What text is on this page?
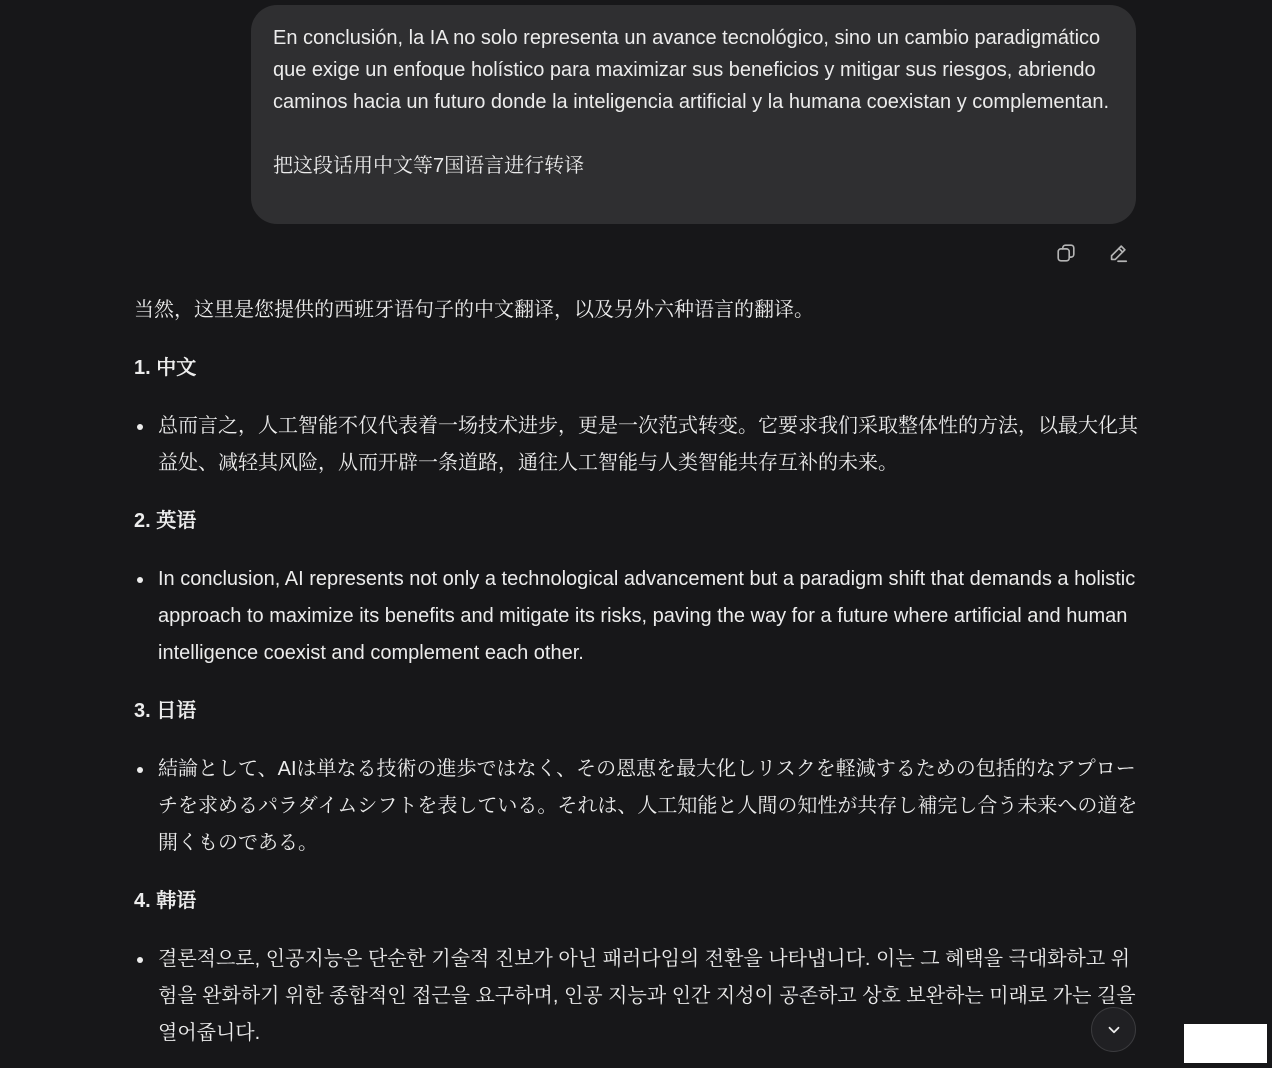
En conclusión, la IA no solo representa un avance tecnológico, sino un cambio paradigmático que exige un enfoque holístico para maximizar sus beneficios y mitigar sus riesgos, abriendo caminos hacia un futuro donde la inteligencia artificial y la humana coexistan y complementan.

把这段话用中文等7国语言进行转译

当然，这里是您提供的西班牙语句子的中文翻译，以及另外六种语言的翻译。

1. 中文
总而言之，人工智能不仅代表着一场技术进步，更是一次范式转变。它要求我们采取整体性的方法，以最大化其益处、减轻其风险，从而开辟一条道路，通往人工智能与人类智能共存互补的未来。
2. 英语
In conclusion, AI represents not only a technological advancement but a paradigm shift that demands a holistic approach to maximize its benefits and mitigate its risks, paving the way for a future where artificial and human intelligence coexist and complement each other.
3. 日语
結論として、AIは単なる技術の進歩ではなく、その恩恵を最大化しリスクを軽減するための包括的なアプローチを求めるパラダイムシフトを表している。それは、人工知能と人間の知性が共存し補完し合う未来への道を開くものである。
4. 韩语
결론적으로, 인공지능은 단순한 기술적 진보가 아닌 패러다임의 전환을 나타냅니다. 이는 그 혜택을 극대화하고 위험을 완화하기 위한 종합적인 접근을 요구하며, 인공 지능과 인간 지성이 공존하고 상호 보완하는 미래로 가는 길을 열어줍니다.
